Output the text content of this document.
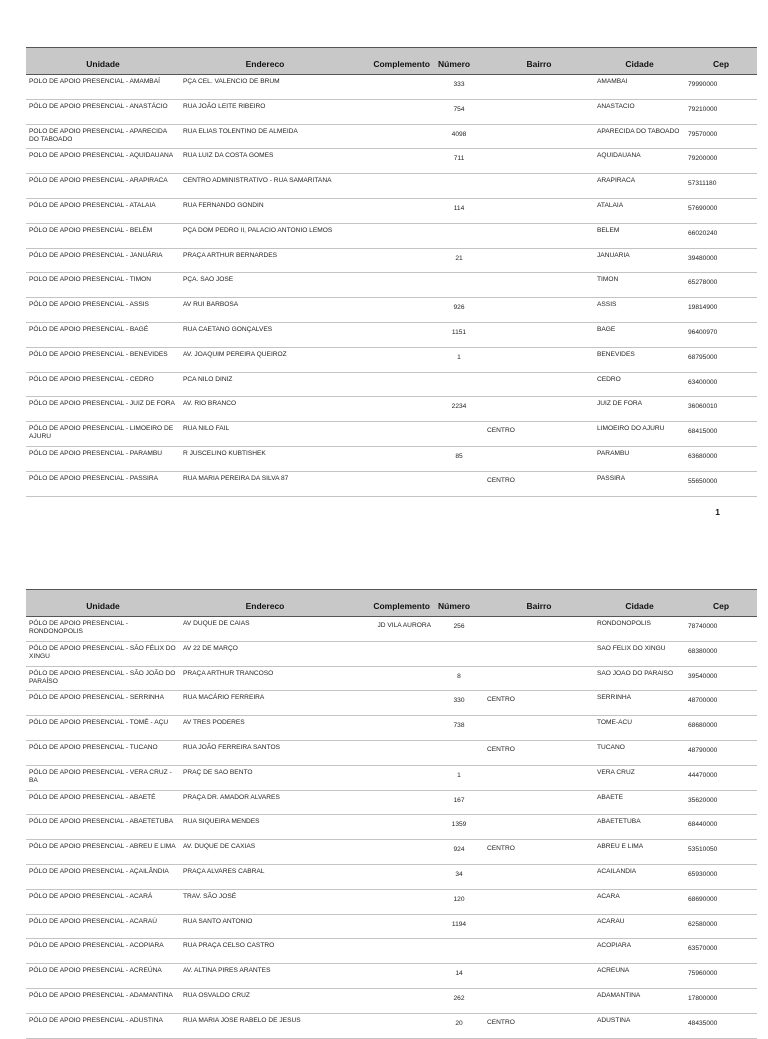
Unidade	Endereco	Complemento	Número	Bairro	Cidade	Cep
POLO DE APOIO PRESENCIAL - AMAMBAÍ	PÇA CEL. VALENCIO DE BRUM		333		AMAMBAI	79990000
PÓLO DE APOIO PRESENCIAL - ANASTÁCIO	RUA JOÃO LEITE RIBEIRO		754		ANASTACIO	79210000
POLO DE APOIO PRESENCIAL - APARECIDA DO TABOADO	RUA ELIAS TOLENTINO DE ALMEIDA		4098		APARECIDA DO TABOADO	79570000
POLO DE APOIO PRESENCIAL - AQUIDAUANA	RUA LUIZ DA COSTA GOMES		711		AQUIDAUANA	79200000
PÓLO DE APOIO PRESENCIAL - ARAPIRACA	CENTRO ADMINISTRATIVO - RUA SAMARITANA				ARAPIRACA	57311180
PÓLO DE APOIO PRESENCIAL - ATALAIA	RUA FERNANDO GONDIN		114		ATALAIA	57690000
PÓLO DE APOIO PRESENCIAL - BELÉM	PÇA DOM PEDRO II, PALACIO ANTONIO LEMOS				BELEM	66020240
PÓLO DE APOIO PRESENCIAL - JANUÁRIA	PRAÇA ARTHUR BERNARDES		21		JANUARIA	39480000
POLO DE APOIO PRESENCIAL - TIMON	PÇA. SAO JOSE				TIMON	65278000
PÓLO DE APOIO PRESENCIAL - ASSIS	AV RUI BARBOSA		926		ASSIS	19814900
PÓLO DE APOIO PRESENCIAL - BAGÉ	RUA CAETANO GONÇALVES		1151		BAGE	96400970
PÓLO DE APOIO PRESENCIAL - BENEVIDES	AV. JOAQUIM PEREIRA QUEIROZ		1		BENEVIDES	68795000
PÓLO DE APOIO PRESENCIAL - CEDRO	PCA NILO DINIZ				CEDRO	63400000
PÓLO DE APOIO PRESENCIAL - JUIZ DE FORA	AV. RIO BRANCO		2234		JUIZ DE FORA	36060010
PÓLO DE APOIO PRESENCIAL - LIMOEIRO DE AJURU	RUA NILO FAIL			CENTRO	LIMOEIRO DO AJURU	68415000
PÓLO DE APOIO PRESENCIAL - PARAMBU	R JUSCELINO KUBTISHEK		85		PARAMBU	63680000
PÓLO DE APOIO PRESENCIAL - PASSIRA	RUA MARIA PEREIRA DA SILVA 87			CENTRO	PASSIRA	55650000
1
Unidade	Endereco	Complemento	Número	Bairro	Cidade	Cep
PÓLO DE APOIO PRESENCIAL - RONDONOPOLIS	AV DUQUE DE CAIAS	JD VILA AURORA	256		RONDONOPOLIS	78740000
PÓLO DE APOIO PRESENCIAL - SÃO FÉLIX DO XINGU	AV 22 DE MARÇO				SAO FELIX DO XINGU	68380000
PÓLO DE APOIO PRESENCIAL - SÃO JOÃO DO PARAÍSO	PRAÇA ARTHUR TRANCOSO		8		SAO JOAO DO PARAISO	39540000
PÓLO DE APOIO PRESENCIAL - SERRINHA	RUA MACÁRIO FERREIRA		330	CENTRO	SERRINHA	48700000
PÓLO DE APOIO PRESENCIAL - TOMÉ - AÇU	AV TRES PODERES		738		TOME-ACU	68680000
PÓLO DE APOIO PRESENCIAL - TUCANO	RUA JOÃO FERREIRA SANTOS			CENTRO	TUCANO	48790000
PÓLO DE APOIO PRESENCIAL - VERA CRUZ - BA	PRAÇ DE SAO BENTO		1		VERA CRUZ	44470000
PÓLO DE APOIO PRESENCIAL - ABAETÉ	PRAÇA DR. AMADOR ALVARES		167		ABAETE	35620000
PÓLO DE APOIO PRESENCIAL - ABAETETUBA	RUA SIQUEIRA MENDES		1359		ABAETETUBA	68440000
PÓLO DE APOIO PRESENCIAL - ABREU E LIMA	AV. DUQUE DE CAXIAS		924	CENTRO	ABREU E LIMA	53510050
PÓLO DE APOIO PRESENCIAL - AÇAILÂNDIA	PRAÇA ALVARES CABRAL		34		ACAILANDIA	65930000
PÓLO DE APOIO PRESENCIAL - ACARÁ	TRAV. SÃO JOSÉ		120		ACARA	68690000
PÓLO DE APOIO PRESENCIAL - ACARAÚ	RUA SANTO ANTONIO		1194		ACARAU	62580000
PÓLO DE APOIO PRESENCIAL - ACOPIARA	RUA PRAÇA CELSO CASTRO				ACOPIARA	63570000
PÓLO DE APOIO PRESENCIAL - ACREÚNA	AV. ALTINA PIRES ARANTES		14		ACREUNA	75960000
PÓLO DE APOIO PRESENCIAL - ADAMANTINA	RUA OSVALDO CRUZ		262		ADAMANTINA	17800000
PÓLO DE APOIO PRESENCIAL - ADUSTINA	RUA MARIA JOSE RABELO DE JESUS		20	CENTRO	ADUSTINA	48435000
